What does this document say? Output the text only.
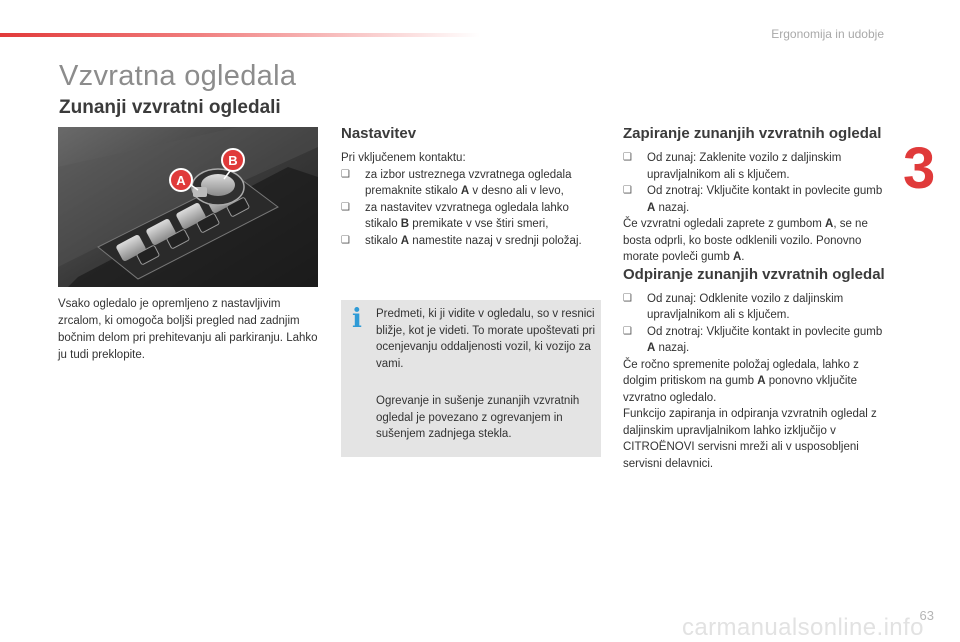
Ergonomija in udobje
3
Vzvratna ogledala
Zunanji vzvratni ogledali
A
B
Vsako ogledalo je opremljeno z nastavljivim zrcalom, ki omogoča boljši pregled nad zadnjim bočnim delom pri prehitevanju ali parkiranju. Lahko ju tudi preklopite.
Nastavitev
Pri vključenem kontaktu:
❑ za izbor ustreznega vzvratnega ogledala premaknite stikalo A v desno ali v levo,
❑ za nastavitev vzvratnega ogledala lahko stikalo B premikate v vse štiri smeri,
❑ stikalo A namestite nazaj v srednji položaj.
i Predmeti, ki ji vidite v ogledalu, so v resnici bližje, kot je videti. To morate upoštevati pri ocenjevanju oddaljenosti vozil, ki vozijo za vami.
Ogrevanje in sušenje zunanjih vzvratnih ogledal je povezano z ogrevanjem in sušenjem zadnjega stekla.
Zapiranje zunanjih vzvratnih ogledal
❑ Od zunaj: Zaklenite vozilo z daljinskim upravljalnikom ali s ključem.
❑ Od znotraj: Vključite kontakt in povlecite gumb A nazaj.
Če vzvratni ogledali zaprete z gumbom A, se ne bosta odprli, ko boste odklenili vozilo. Ponovno morate povleči gumb A.
Odpiranje zunanjih vzvratnih ogledal
❑ Od zunaj: Odklenite vozilo z daljinskim upravljalnikom ali s ključem.
❑ Od znotraj: Vključite kontakt in povlecite gumb A nazaj.
Če ročno spremenite položaj ogledala, lahko z dolgim pritiskom na gumb A ponovno vključite vzvratno ogledalo.
Funkcijo zapiranja in odpiranja vzvratnih ogledal z daljinskim upravljalnikom lahko izključijo v CITROËNOVI servisni mreži ali v usposobljeni servisni delavnici.
63
carmanualsonline.info
